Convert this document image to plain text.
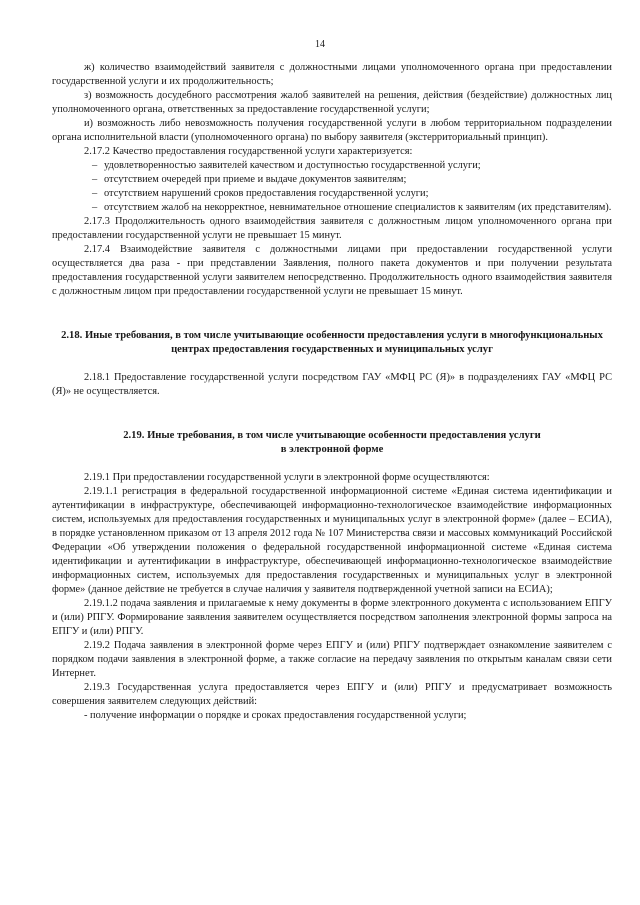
14

ж) количество взаимодействий заявителя с должностными лицами уполномоченного органа при предоставлении государственной услуги и их продолжительность;

з) возможность досудебного рассмотрения жалоб заявителей на решения, действия (бездействие) должностных лиц уполномоченного органа, ответственных за предоставление государственной услуги;

и) возможность либо невозможность получения государственной услуги в любом территориальном подразделении органа исполнительной власти (уполномоченного органа) по выбору заявителя (экстерриториальный принцип).

2.17.2 Качество предоставления государственной услуги характеризуется:

– удовлетворенностью заявителей качеством и доступностью государственной услуги;
– отсутствием очередей при приеме и выдаче документов заявителям;
– отсутствием нарушений сроков предоставления государственной услуги;

– отсутствием жалоб на некорректное, невнимательное отношение специалистов к заявителям (их представителям).

2.17.3 Продолжительность одного взаимодействия заявителя с должностным лицом уполномоченного органа при предоставлении государственной услуги не превышает 15 минут.

2.17.4 Взаимодействие заявителя с должностными лицами при предоставлении государственной услуги осуществляется два раза - при представлении Заявления, полного пакета документов и при получении результата предоставления государственной услуги заявителем непосредственно. Продолжительность одного взаимодействия заявителя с должностным лицом при предоставлении государственной услуги не превышает 15 минут.

2.18. Иные требования, в том числе учитывающие особенности предоставления услуги в многофункциональных центрах предоставления государственных и муниципальных услуг

2.18.1 Предоставление государственной услуги посредством ГАУ «МФЦ РС (Я)» в подразделениях ГАУ «МФЦ РС (Я)» не осуществляется.

2.19. Иные требования, в том числе учитывающие особенности предоставления услуги
в электронной форме

2.19.1 При предоставлении государственной услуги в электронной форме осуществляются:

2.19.1.1 регистрация в федеральной государственной информационной системе «Единая система идентификации и аутентификации в инфраструктуре, обеспечивающей информационно-технологическое взаимодействие информационных систем, используемых для предоставления государственных и муниципальных услуг в электронной форме» (далее – ЕСИА), в порядке установленном приказом от 13 апреля 2012 года № 107 Министерства связи и массовых коммуникаций Российской Федерации «Об утверждении положения о федеральной государственной информационной системе «Единая система идентификации и аутентификации в инфраструктуре, обеспечивающей информационно-технологическое взаимодействие информационных систем, используемых для предоставления государственных и муниципальных услуг в электронной форме» (данное действие не требуется в случае наличия у заявителя подтвержденной учетной записи на ЕСИА);

2.19.1.2 подача заявления и прилагаемые к нему документы в форме электронного документа с использованием ЕПГУ и (или) РПГУ. Формирование заявления заявителем осуществляется посредством заполнения электронной формы запроса на ЕПГУ и (или) РПГУ.

2.19.2 Подача заявления в электронной форме через ЕПГУ и (или) РПГУ подтверждает ознакомление заявителем с порядком подачи заявления в электронной форме, а также согласие на передачу заявления по открытым каналам связи сети Интернет.

2.19.3 Государственная услуга предоставляется через ЕПГУ и (или) РПГУ и предусматривает возможность совершения заявителем следующих действий:

- получение информации о порядке и сроках предоставления государственной услуги;
